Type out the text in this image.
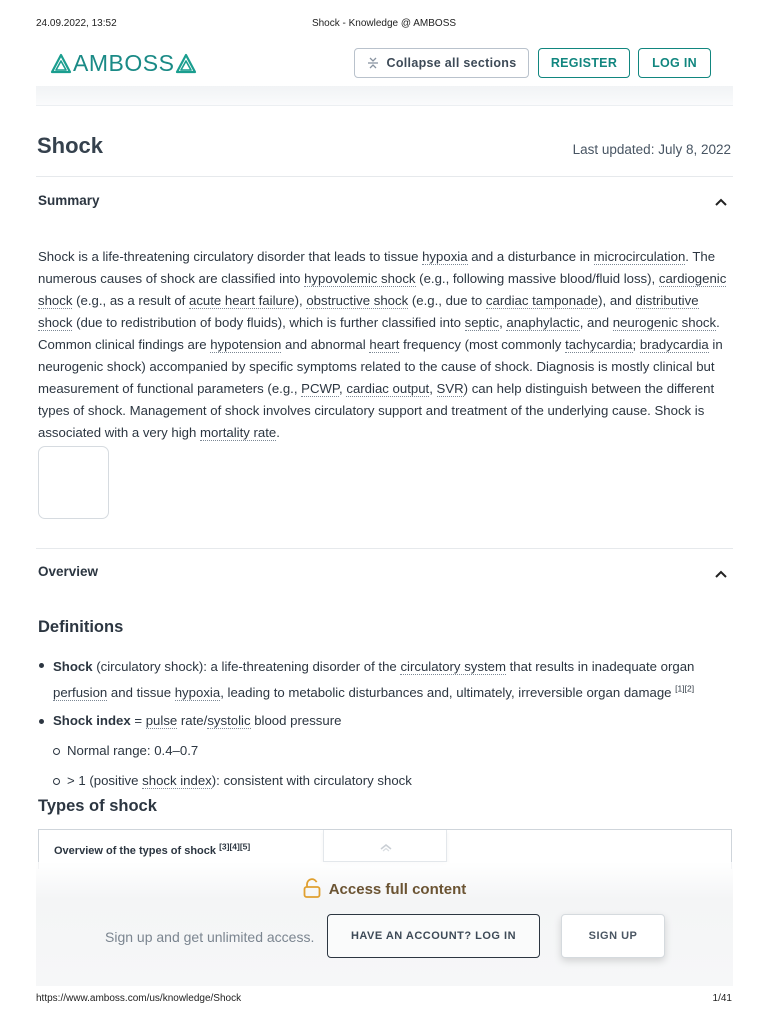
24.09.2022, 13:52	Shock - Knowledge @ AMBOSS
AMBOSS	Collapse all sections	REGISTER	LOG IN
Shock	Last updated: July 8, 2022
Summary
Shock is a life-threatening circulatory disorder that leads to tissue hypoxia and a disturbance in microcirculation. The numerous causes of shock are classified into hypovolemic shock (e.g., following massive blood/fluid loss), cardiogenic shock (e.g., as a result of acute heart failure), obstructive shock (e.g., due to cardiac tamponade), and distributive shock (due to redistribution of body fluids), which is further classified into septic, anaphylactic, and neurogenic shock. Common clinical findings are hypotension and abnormal heart frequency (most commonly tachycardia; bradycardia in neurogenic shock) accompanied by specific symptoms related to the cause of shock. Diagnosis is mostly clinical but measurement of functional parameters (e.g., PCWP, cardiac output, SVR) can help distinguish between the different types of shock. Management of shock involves circulatory support and treatment of the underlying cause. Shock is associated with a very high mortality rate.
Overview
Definitions
Shock (circulatory shock): a life-threatening disorder of the circulatory system that results in inadequate organ
perfusion and tissue hypoxia, leading to metabolic disturbances and, ultimately, irreversible organ damage [1][2]
Shock index = pulse rate/systolic blood pressure
Normal range: 0.4–0.7
> 1 (positive shock index): consistent with circulatory shock
Types of shock
Overview of the types of shock [3][4][5]
Access full content
Sign up and get unlimited access.	HAVE AN ACCOUNT? LOG IN	SIGN UP
https://www.amboss.com/us/knowledge/Shock	1/41
